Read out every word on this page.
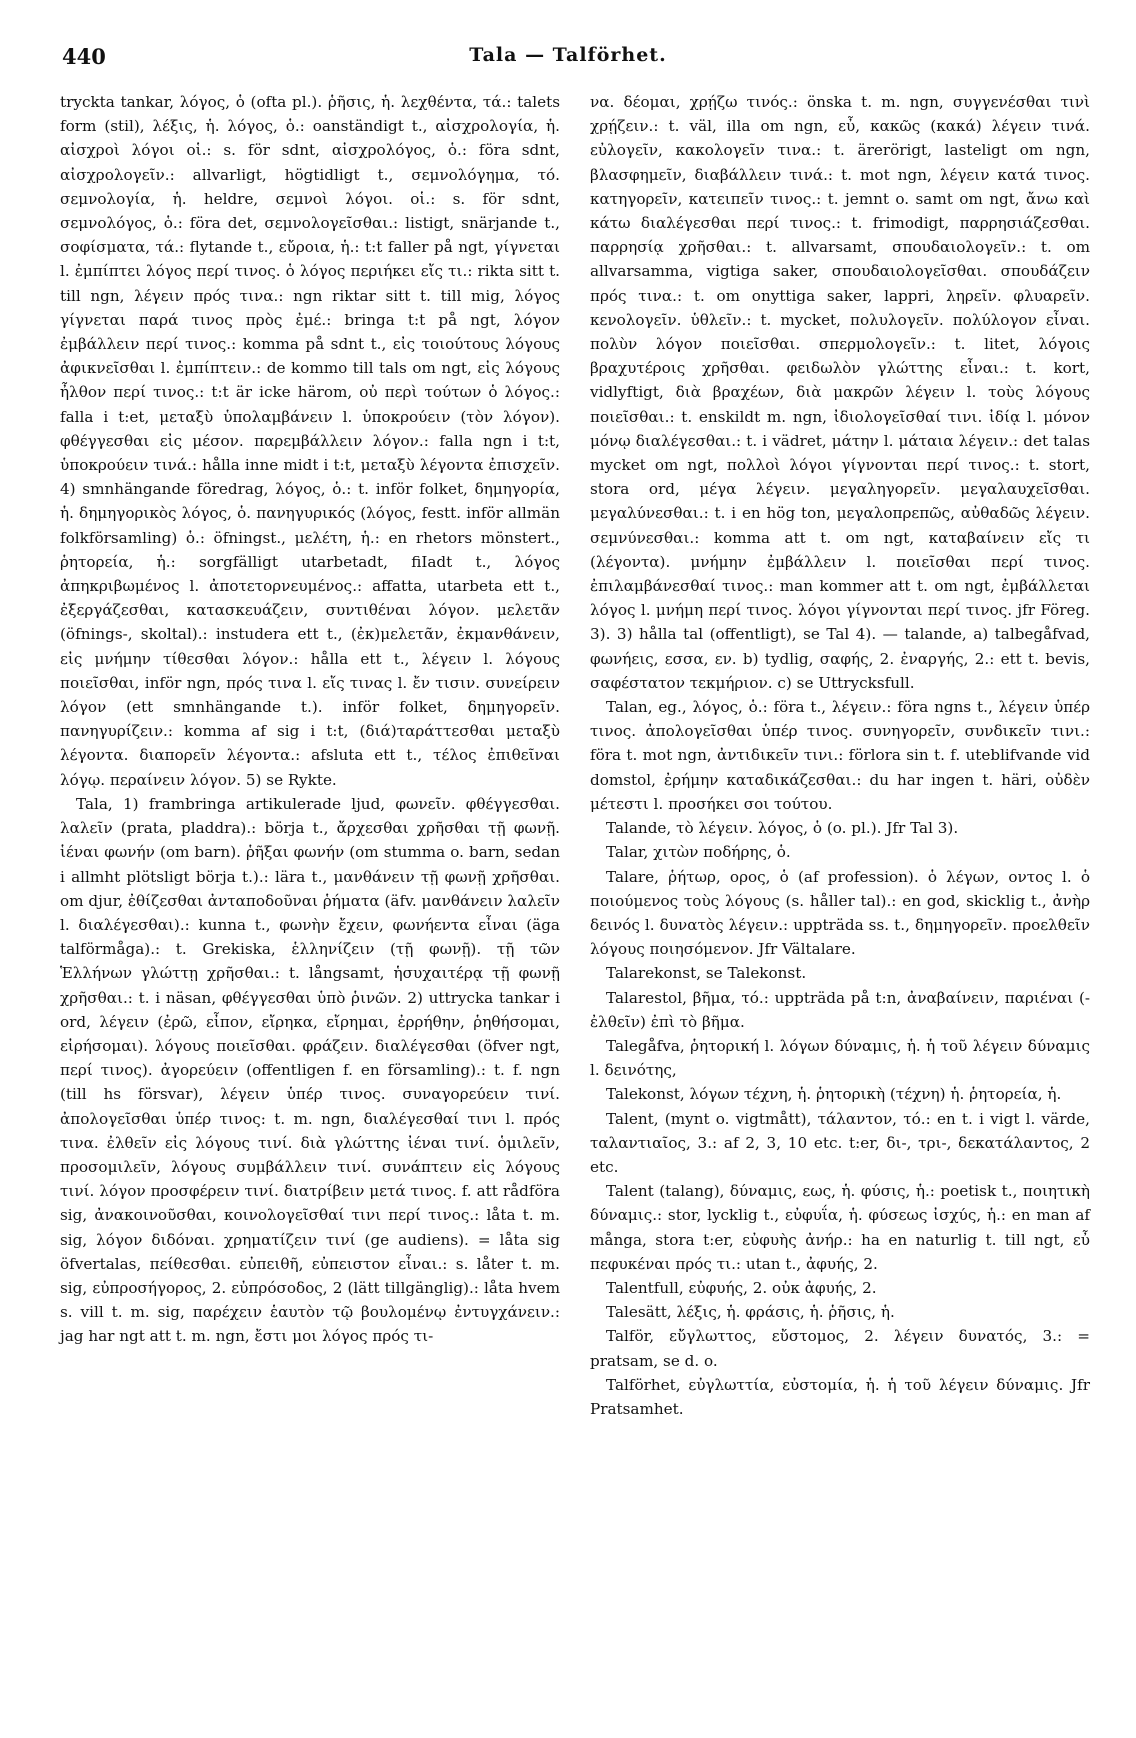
440	Tala — Talförhet.

tryckta tankar, λόγος, ὁ (ofta pl.). ῥῆσις, ἡ. λεχθέντα, τά.: talets form (stil), λέξις, ἡ. λόγος, ὁ.: oanständigt t., αἰσχρολογία, ἡ. αἰσχροὶ λόγοι οἱ.: s. för sdnt, αἰσχρολόγος, ὁ.: föra sdnt, αἰσχρολογεῖν.: allvarligt, högtidligt t., σεμνολόγημα, τό. σεμνολογία, ἡ. heldre, σεμνοὶ λόγοι. οἱ.: s. för sdnt, σεμνολόγος, ὁ.: föra det, σεμνολογεῖσθαι.: listigt, snärjande t., σοφίσματα, τά.: flytande t., εὔροια, ἡ.: t:t faller på ngt, γίγνεται l. ἐμπίπτει λόγος περί τινος. ὁ λόγος περιήκει εἴς τι.: rikta sitt t. till ngn, λέγειν πρός τινα.: ngn riktar sitt t. till mig, λόγος γίγνεται παρά τινος πρὸς ἐμέ.: bringa t:t på ngt, λόγον ἐμβάλλειν περί τινος.: komma på sdnt t., εἰς τοιούτους λόγους ἀφικνεῖσθαι l. ἐμπίπτειν.: de kommo till tals om ngt, εἰς λόγους ἦλθον περί τινος.: t:t är icke härom, οὐ περὶ τούτων ὁ λόγος.: falla i t:et, μεταξὺ ὑπολαμβάνειν l. ὑποκρούειν (τὸν λόγον). φθέγγεσθαι εἰς μέσον. παρεμβάλλειν λόγον.: falla ngn i t:t, ὑποκρούειν τινά.: hålla inne midt i t:t, μεταξὺ λέγοντα ἐπισχεῖν. 4) smnhängande föredrag, λόγος, ὁ.: t. inför folket, δημηγορία, ἡ. δημηγορικὸς λόγος, ὁ. πανηγυρικός (λόγος, festt. inför allmän folkförsamling) ὁ.: öfningst., μελέτη, ἡ.: en rhetors mönstert., ῥητορεία, ἡ.: sorgfälligt utarbetadt, fiIadt t., λόγος ἀπηκριβωμένος l. ἀποτετορνευμένος.: affatta, utarbeta ett t., ἐξεργάζεσθαι, κατασκευάζειν, συντιθέναι λόγον. μελετᾶν (öfnings-, skoltal).: instudera ett t., (ἐκ)μελετᾶν, ἐκμανθάνειν, εἰς μνήμην τίθεσθαι λόγον.: hålla ett t., λέγειν l. λόγους ποιεῖσθαι, inför ngn, πρός τινα l. εἴς τινας l. ἔν τισιν. συνείρειν λόγον (ett smnhängande t.). inför folket, δημηγορεῖν. πανηγυρίζειν.: komma af sig i t:t, (διά)ταράττεσθαι μεταξὺ λέγοντα. διαπορεῖν λέγοντα.: afsluta ett t., τέλος ἐπιθεῖναι λόγῳ. περαίνειν λόγον. 5) se Rykte.

Tala, 1) frambringa artikulerade ljud, φωνεῖν. φθέγγεσθαι. λαλεῖν (prata, pladdra).: börja t., ἄρχεσθαι χρῆσθαι τῇ φωνῇ. ἱέναι φωνήν (om barn). ῥῆξαι φωνήν (om stumma o. barn, sedan i allmht plötsligt börja t.).: lära t., μανθάνειν τῇ φωνῇ χρῆσθαι. om djur, ἐθίζεσθαι ἀνταποδοῦναι ῥήματα (äfv. μανθάνειν λαλεῖν l. διαλέγεσθαι).: kunna t., φωνὴν ἔχειν, φωνήεντα εἶναι (äga talförmåga).: t. Grekiska, ἑλληνίζειν (τῇ φωνῇ). τῇ τῶν Ἑλλήνων γλώττῃ χρῆσθαι.: t. långsamt, ἡσυχαιτέρᾳ τῇ φωνῇ χρῆσθαι.: t. i näsan, φθέγγεσθαι ὑπὸ ῥινῶν. 2) uttrycka tankar i ord, λέγειν (ἐρῶ, εἶπον, εἴρηκα, εἴρημαι, ἐρρήθην, ῥηθήσομαι, εἰρήσομαι). λόγους ποιεῖσθαι. φράζειν. διαλέγεσθαι (öfver ngt, περί τινος). ἀγορεύειν (offentligen f. en församling).: t. f. ngn (till hs försvar), λέγειν ὑπέρ τινος. συναγορεύειν τινί. ἀπολογεῖσθαι ὑπέρ τινος: t. m. ngn, διαλέγεσθαί τινι l. πρός τινα. ἐλθεῖν εἰς λόγους τινί. διὰ γλώττης ἰέναι τινί. ὁμιλεῖν, προσομιλεῖν, λόγους συμβάλλειν τινί. συνάπτειν εἰς λόγους τινί. λόγον προσφέρειν τινί. διατρίβειν μετά τινος. f. att rådföra sig, ἀνακοινοῦσθαι, κοινολογεῖσθαί τινι περί τινος.: låta t. m. sig, λόγον διδόναι. χρηματίζειν τινί (ge audiens). = låta sig öfvertalas, πείθεσθαι. εὐπειθῆ, εὐπειστον εἶναι.: s. låter t. m. sig, εὐπροσήγορος, 2. εὐπρόσοδος, 2 (lätt tillgänglig).: låta hvem s. vill t. m. sig, παρέχειν ἑαυτὸν τῷ βουλομένῳ ἐντυγχάνειν.: jag har ngt att t. m. ngn, ἔστι μοι λόγος πρός τι-

να. δέομαι, χρῄζω τινός.: önska t. m. ngn, συγγενέσθαι τινὶ χρῄζειν.: t. väl, illa om ngn, εὖ, κακῶς (κακά) λέγειν τινά. εὐλογεῖν, κακολογεῖν τινα.: t. ärerörigt, lasteligt om ngn, βλασφημεῖν, διαβάλλειν τινά.: t. mot ngn, λέγειν κατά τινος. κατηγορεῖν, κατειπεῖν τινος.: t. jemnt o. samt om ngt, ἄνω καὶ κάτω διαλέγεσθαι περί τινος.: t. frimodigt, παρρησιάζεσθαι. παρρησίᾳ χρῆσθαι.: t. allvarsamt, σπουδαιολογεῖν.: t. om allvarsamma, vigtiga saker, σπουδαιολογεῖσθαι. σπουδάζειν πρός τινα.: t. om onyttiga saker, lappri, ληρεῖν. φλυαρεῖν. κενολογεῖν. ὑθλεῖν.: t. mycket, πολυλογεῖν. πολύλογον εἶναι. πολὺν λόγον ποιεῖσθαι. σπερμολογεῖν.: t. litet, λόγοις βραχυτέροις χρῆσθαι. φειδωλὸν γλώττης εἶναι.: t. kort, vidlyftigt, διὰ βραχέων, διὰ μακρῶν λέγειν l. τοὺς λόγους ποιεῖσθαι.: t. enskildt m. ngn, ἰδιολογεῖσθαί τινι. ἰδίᾳ l. μόνον μόνῳ διαλέγεσθαι.: t. i vädret, μάτην l. μάταια λέγειν.: det talas mycket om ngt, πολλοὶ λόγοι γίγνονται περί τινος.: t. stort, stora ord, μέγα λέγειν. μεγαληγορεῖν. μεγαλαυχεῖσθαι. μεγαλύνεσθαι.: t. i en hög ton, μεγαλοπρεπῶς, αὐθαδῶς λέγειν. σεμνύνεσθαι.: komma att t. om ngt, καταβαίνειν εἴς τι (λέγοντα). μνήμην ἐμβάλλειν l. ποιεῖσθαι περί τινος. ἐπιλαμβάνεσθαί τινος.: man kommer att t. om ngt, ἐμβάλλεται λόγος l. μνήμη περί τινος. λόγοι γίγνονται περί τινος. jfr Föreg. 3). 3) hålla tal (offentligt), se Tal 4). — talande, a) talbegåfvad, φωνήεις, εσσα, εν. b) tydlig, σαφής, 2. ἐναργής, 2.: ett t. bevis, σαφέστατον τεκμήριον. c) se Uttrycksfull.

Talan, eg., λόγος, ὁ.: föra t., λέγειν.: föra ngns t., λέγειν ὑπέρ τινος. ἀπολογεῖσθαι ὑπέρ τινος. συνηγορεῖν, συνδικεῖν τινι.: föra t. mot ngn, ἀντιδικεῖν τινι.: förlora sin t. f. uteblifvande vid domstol, ἐρήμην καταδικάζεσθαι.: du har ingen t. häri, οὐδὲν μέτεστι l. προσήκει σοι τούτου.

Talande, τὸ λέγειν. λόγος, ὁ (o. pl.). Jfr Tal 3).

Talar, χιτὼν ποδήρης, ὁ.

Talare, ῥήτωρ, ορος, ὁ (af profession). ὁ λέγων, οντος l. ὁ ποιούμενος τοὺς λόγους (s. håller tal).: en god, skicklig t., ἀνὴρ δεινός l. δυνατὸς λέγειν.: uppträda ss. t., δημηγορεῖν. προελθεῖν λόγους ποιησόμενον. Jfr Vältalare.

Talarekonst, se Talekonst.

Talarestol, βῆμα, τό.: uppträda på t:n, ἀναβαίνειν, παριέναι (-ἐλθεῖν) ἐπὶ τὸ βῆμα.

Talegåfva, ῥητορική l. λόγων δύναμις, ἡ. ἡ τοῦ λέγειν δύναμις l. δεινότης,

Talekonst, λόγων τέχνη, ἡ. ῥητορικὴ (τέχνη) ἡ. ῥητορεία, ἡ.

Talent, (mynt o. vigtmått), τάλαντον, τό.: en t. i vigt l. värde, ταλαντιαῖος, 3.: af 2, 3, 10 etc. t:er, δι-, τρι-, δεκατάλαντος, 2 etc.

Talent (talang), δύναμις, εως, ἡ. φύσις, ἡ.: poetisk t., ποιητικὴ δύναμις.: stor, lycklig t., εὐφυΐα, ἡ. φύσεως ἰσχύς, ἡ.: en man af många, stora t:er, εὐφυὴς ἀνήρ.: ha en naturlig t. till ngt, εὖ πεφυκέναι πρός τι.: utan t., ἀφυής, 2.

Talentfull, εὐφυής, 2. οὐκ ἀφυής, 2.

Talesätt, λέξις, ἡ. φράσις, ἡ. ῥῆσις, ἡ.

Talför, εὔγλωττος, εὔστομος, 2. λέγειν δυνατός, 3.: = pratsam, se d. o.

Talförhet, εὐγλωττία, εὐστομία, ἡ. ἡ τοῦ λέγειν δύναμις. Jfr Pratsamhet.
